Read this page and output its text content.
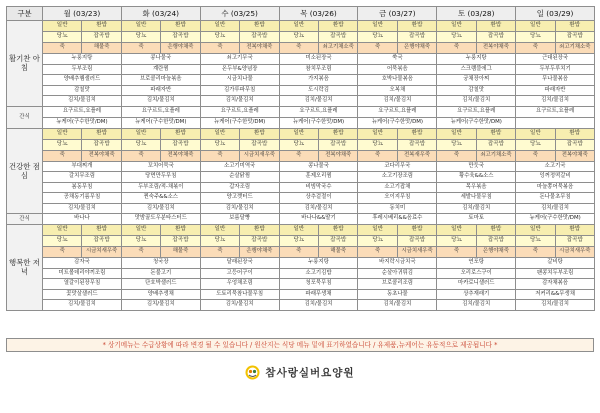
구분	월 (03/23)		화 (03/24)		수 (03/25)		목 (03/26)		금 (03/27)		토 (03/28)		일 (03/29)	
활기찬 아침	일반	환밥	일반	환밥	일반	환밥	일반	환밥	일반	환밥	일반	환밥	일반	환밥
	당뇨	잡곡밥	당뇨	잡곡밥	당뇨	잡곡밥	당뇨	잡곡밥	당뇨	잡곡밥	당뇨	잡곡밥	당뇨	잡곡밥
	죽	해물죽	죽	은행야채죽	죽	전복야채죽	죽	쇠고기채소죽	죽	은행야채죽	죽	전복야채죽	죽	쇠고기채소죽
	누룽지탕		콩나물국		쇠고기무국		미소된장국		쑥국		누룽지탕		근대된장국	
	두부조림		계란찜		온두부&양념장		참치무조림		어묵볶음		스크램블에그		두부두루치기	
	양배추햄샐러드		브로콜리마늘볶음		시금치나물		가지볶음		호박나물볶음		궁채장아찌		무나물볶음	
	감칠맛		파래자반		김가루파무침		도시락김		오복채		감칠맛		파래자반	
	김치/물김치		김치/물김치		김치/물김치		김치/물김치		김치/물김치		김치/물김치		김치/물김치	
간식	요구르트,요플레		요구르트,요플레		요구르트,요플레		요구르트,요플레		요구르트,요플레		요구르트,요플레		요구르트,요플레	
	뉴케어(구수한맛/DM)		뉴케어(구수한맛/DM)		뉴케어(구수한맛/DM)		뉴케어(구수한맛/DM)		뉴케어(구수한맛/DM)		뉴케어(구수한맛/DM)			
건강한 점심	일반	환밥	일반	환밥	일반	환밥	일반	환밥	일반	환밥	일반	환밥	일반	환밥
	당뇨	잡곡밥	당뇨	잡곡밥	당뇨	잡곡밥	당뇨	잡곡밥	당뇨	잡곡밥	당뇨	잡곡밥	당뇨	잡곡밥
	죽	전복야채죽	죽	전복야채죽	죽	시금치새우죽	죽	전복야채죽	죽	전복새우죽	죽	쇠고기채소죽	죽	전복야채죽
	부대찌개		꼬치어묵국		소고기미역국		콩나물국		코다리무국		만둣국		소고기국	
	갈치무조림		당면만두무침		순살닭찜		훈제오리찜		소고기장조림		황수육&&소스		잉꺼정떡갈비	
	봄동무침		두부조림/적-채볶이		갑자조림		비빔막국수		소고기잡채		목우볶음		마늘쫑어묵볶음	
	공채동기름무침		찐숙주&&소스		양고깻터드		상추겉절이		오이지무침		세발나물무침		돈나물초무침	
	김치/물김치		김치/물김치		김치/물김치		김치/물김치		동치미		김치/물김치		김치/물김치	
간식	바나나		맛밤꿀도우분타스터드		보름달빵		바나나&&딸기		후레시베리&&음료수		토마토		뉴케어(구수한맛/DM)	
행복한 저녁	일반	환밥	일반	환밥	일반	환밥	일반	환밥	일반	환밥	일반	환밥	일반	환밥
	당뇨	잡곡밥	당뇨	잡곡밥	당뇨	잡곡밥	당뇨	잡곡밥	당뇨	잡곡밥	당뇨	잡곡밥	당뇨	잡곡밥
	죽	시금치새우죽	죽	해물죽	죽	은행야채죽	죽	해물죽	죽	시금치새우죽	죽	은행야채죽	죽	시금치새우죽
	감자국		청국장		달래된장국		누룽지탕		바지락시금치국		연포탕		갈비탕	
	미트볼데리야끼조림		돈불고기		고등어구이		소고기김밥		순살아귀튀김		오리로스구이		팬콩치두부조림	
	열갈이된장무침		단호박샐러드		우엉채조림		청포묵무침		브로콜리조림		마카로니샐러드		감자채볶음	
	꽃맛살샐러드		양배추생채		도토리묵참나물무침		파래무생채		동초나물		상추재래기		저커리&&무생채	
	김치/물김치		김치/물김치		김치/물김치		김치/물김치		김치/물김치		김치/물김치		김치/물김치	
* 상기메뉴는 수급상황에 따라 변경 될 수 있습니다 / 원산지는 식당 메뉴 밑에 표기하였습니다 / 유제품,뉴케어는 유동적으로 제공됩니다 *
참사랑실버요양원
